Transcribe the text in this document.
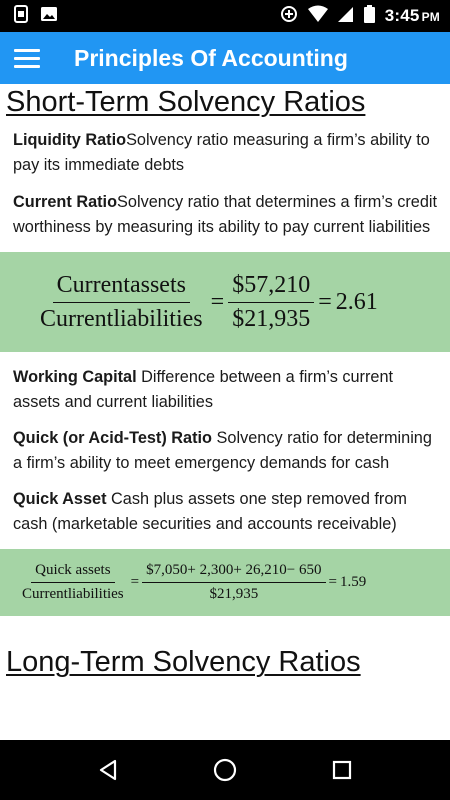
3:45 PM
Principles Of Accounting
Short-Term Solvency Ratios

Liquidity RatioSolvency ratio measuring a firm’s ability to pay its immediate debts

Current RatioSolvency ratio that determines a firm’s credit worthiness by measuring its ability to pay current liabilities

$\frac{\text{Currentassets}}{\text{Currentliabilities}} = \frac{\$57,210}{\$21,935} = 2.61$

Working Capital Difference between a firm’s current assets and current liabilities

Quick (or Acid-Test) Ratio Solvency ratio for determining a firm’s ability to meet emergency demands for cash

Quick Asset Cash plus assets one step removed from cash (marketable securities and accounts receivable)

$\frac{\text{Quick assets}}{\text{Currentliabilities}} = \frac{\$7,050+ 2,300+ 26,210- 650}{\$21,935} = 1.59$
Long-Term Solvency Ratios
